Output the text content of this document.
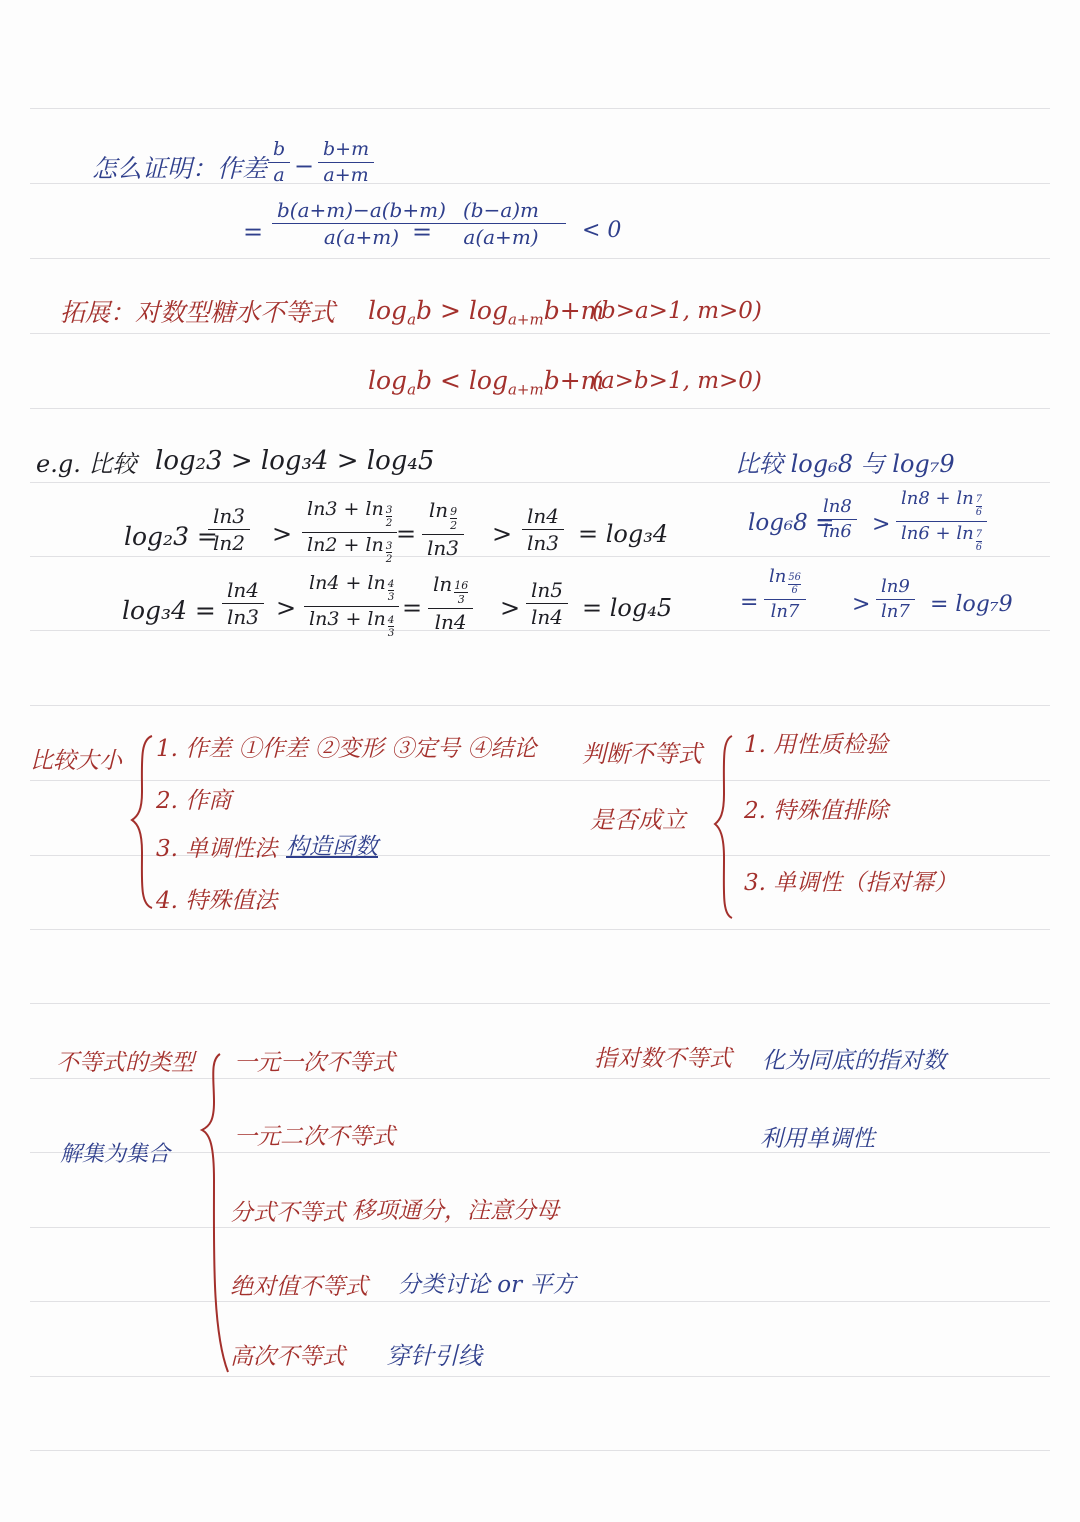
怎么证明：作差
b
a −
b+m
a+m
=
b(a+m)−a(b+m)
a(a+m) =
(b−a)m
a(a+m) < 0
拓展：对数型糖水不等式 $\log_ab > \log_{a+m}b+m$
(b>a>1, m>0)
$\log_ab < \log_{a+m}b+m$
(a>b>1, m>0)
e.g. 比较 log₂3 > log₃4 > log₄5
log₂3 =
ln3
ln2 >
$\ln 3 + \ln \frac{3}{2}$
$\ln 2 + \ln \frac{3}{2}$
=
$\ln \frac{9}{2}$
ln3 >
ln4
ln3 = log₃4
log₃4 =
ln4
ln3 >
$\ln 4 + \ln \frac{4}{3}$
$\ln 3 + \ln \frac{4}{3}$
=
$\ln \frac{16}{3}$
ln4 >
ln5
ln4 = log₄5
比较 log₆8 与 log₇9
log₆8 =
ln8
ln6 >
$\ln 8 + \ln \frac{7}{6}$
$\ln 6 + \ln \frac{7}{6}$
=
$\ln \frac{56}{6}$
ln7 >
ln9
ln7 = log₇9
比较大小 1. 作差 ①作差 ②变形 ③定号 ④结论
2. 作商
3. 单调性法 构造函数
4. 特殊值法
判断不等式
是否成立
1. 用性质检验
2. 特殊值排除
3. 单调性（指对幂）
不等式的类型
解集为集合
一元一次不等式
一元二次不等式
分式不等式 移项通分，注意分母
绝对值不等式 分类讨论 or 平方
高次不等式 穿针引线
指对数不等式 化为同底的指对数
利用单调性
